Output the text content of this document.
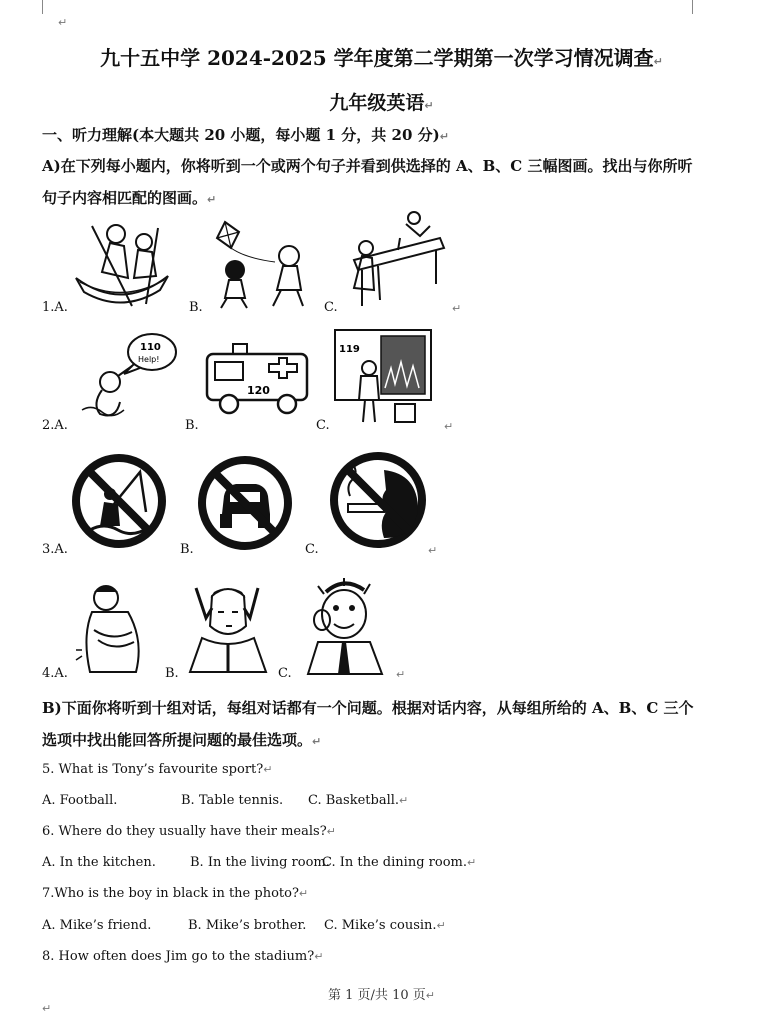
↵
九十五中学 2024-2025 学年度第二学期第一次学习情况调查↵
九年级英语↵
一、听力理解(本大题共 20 小题，每小题 1 分，共 20 分)↵
A)在下列每小题内，你将听到一个或两个句子并看到供选择的 A、B、C 三幅图画。找出与你所听句子内容相匹配的图画。↵
1.A.	B.	C.	↵
110
Help!
120
119
2.A.	B.	C.	↵
3.A.	B.	C.	↵
4.A.	B.	C.	↵
B)下面你将听到十组对话，每组对话都有一个问题。根据对话内容，从每组所给的 A、B、C 三个选项中找出能回答所提问题的最佳选项。↵
5. What is Tony’s favourite sport?↵
A. Football.	B. Table tennis. C. Basketball.↵
6. Where do they usually have their meals?↵
A. In the kitchen.	B. In the living room.
C. In the dining room.↵
7.Who is the boy in black in the photo?↵
A. Mike’s friend.	B. Mike’s brother. C. Mike’s cousin.↵
8. How often does Jim go to the stadium?↵
第 1 页/共 10 页↵
↵
